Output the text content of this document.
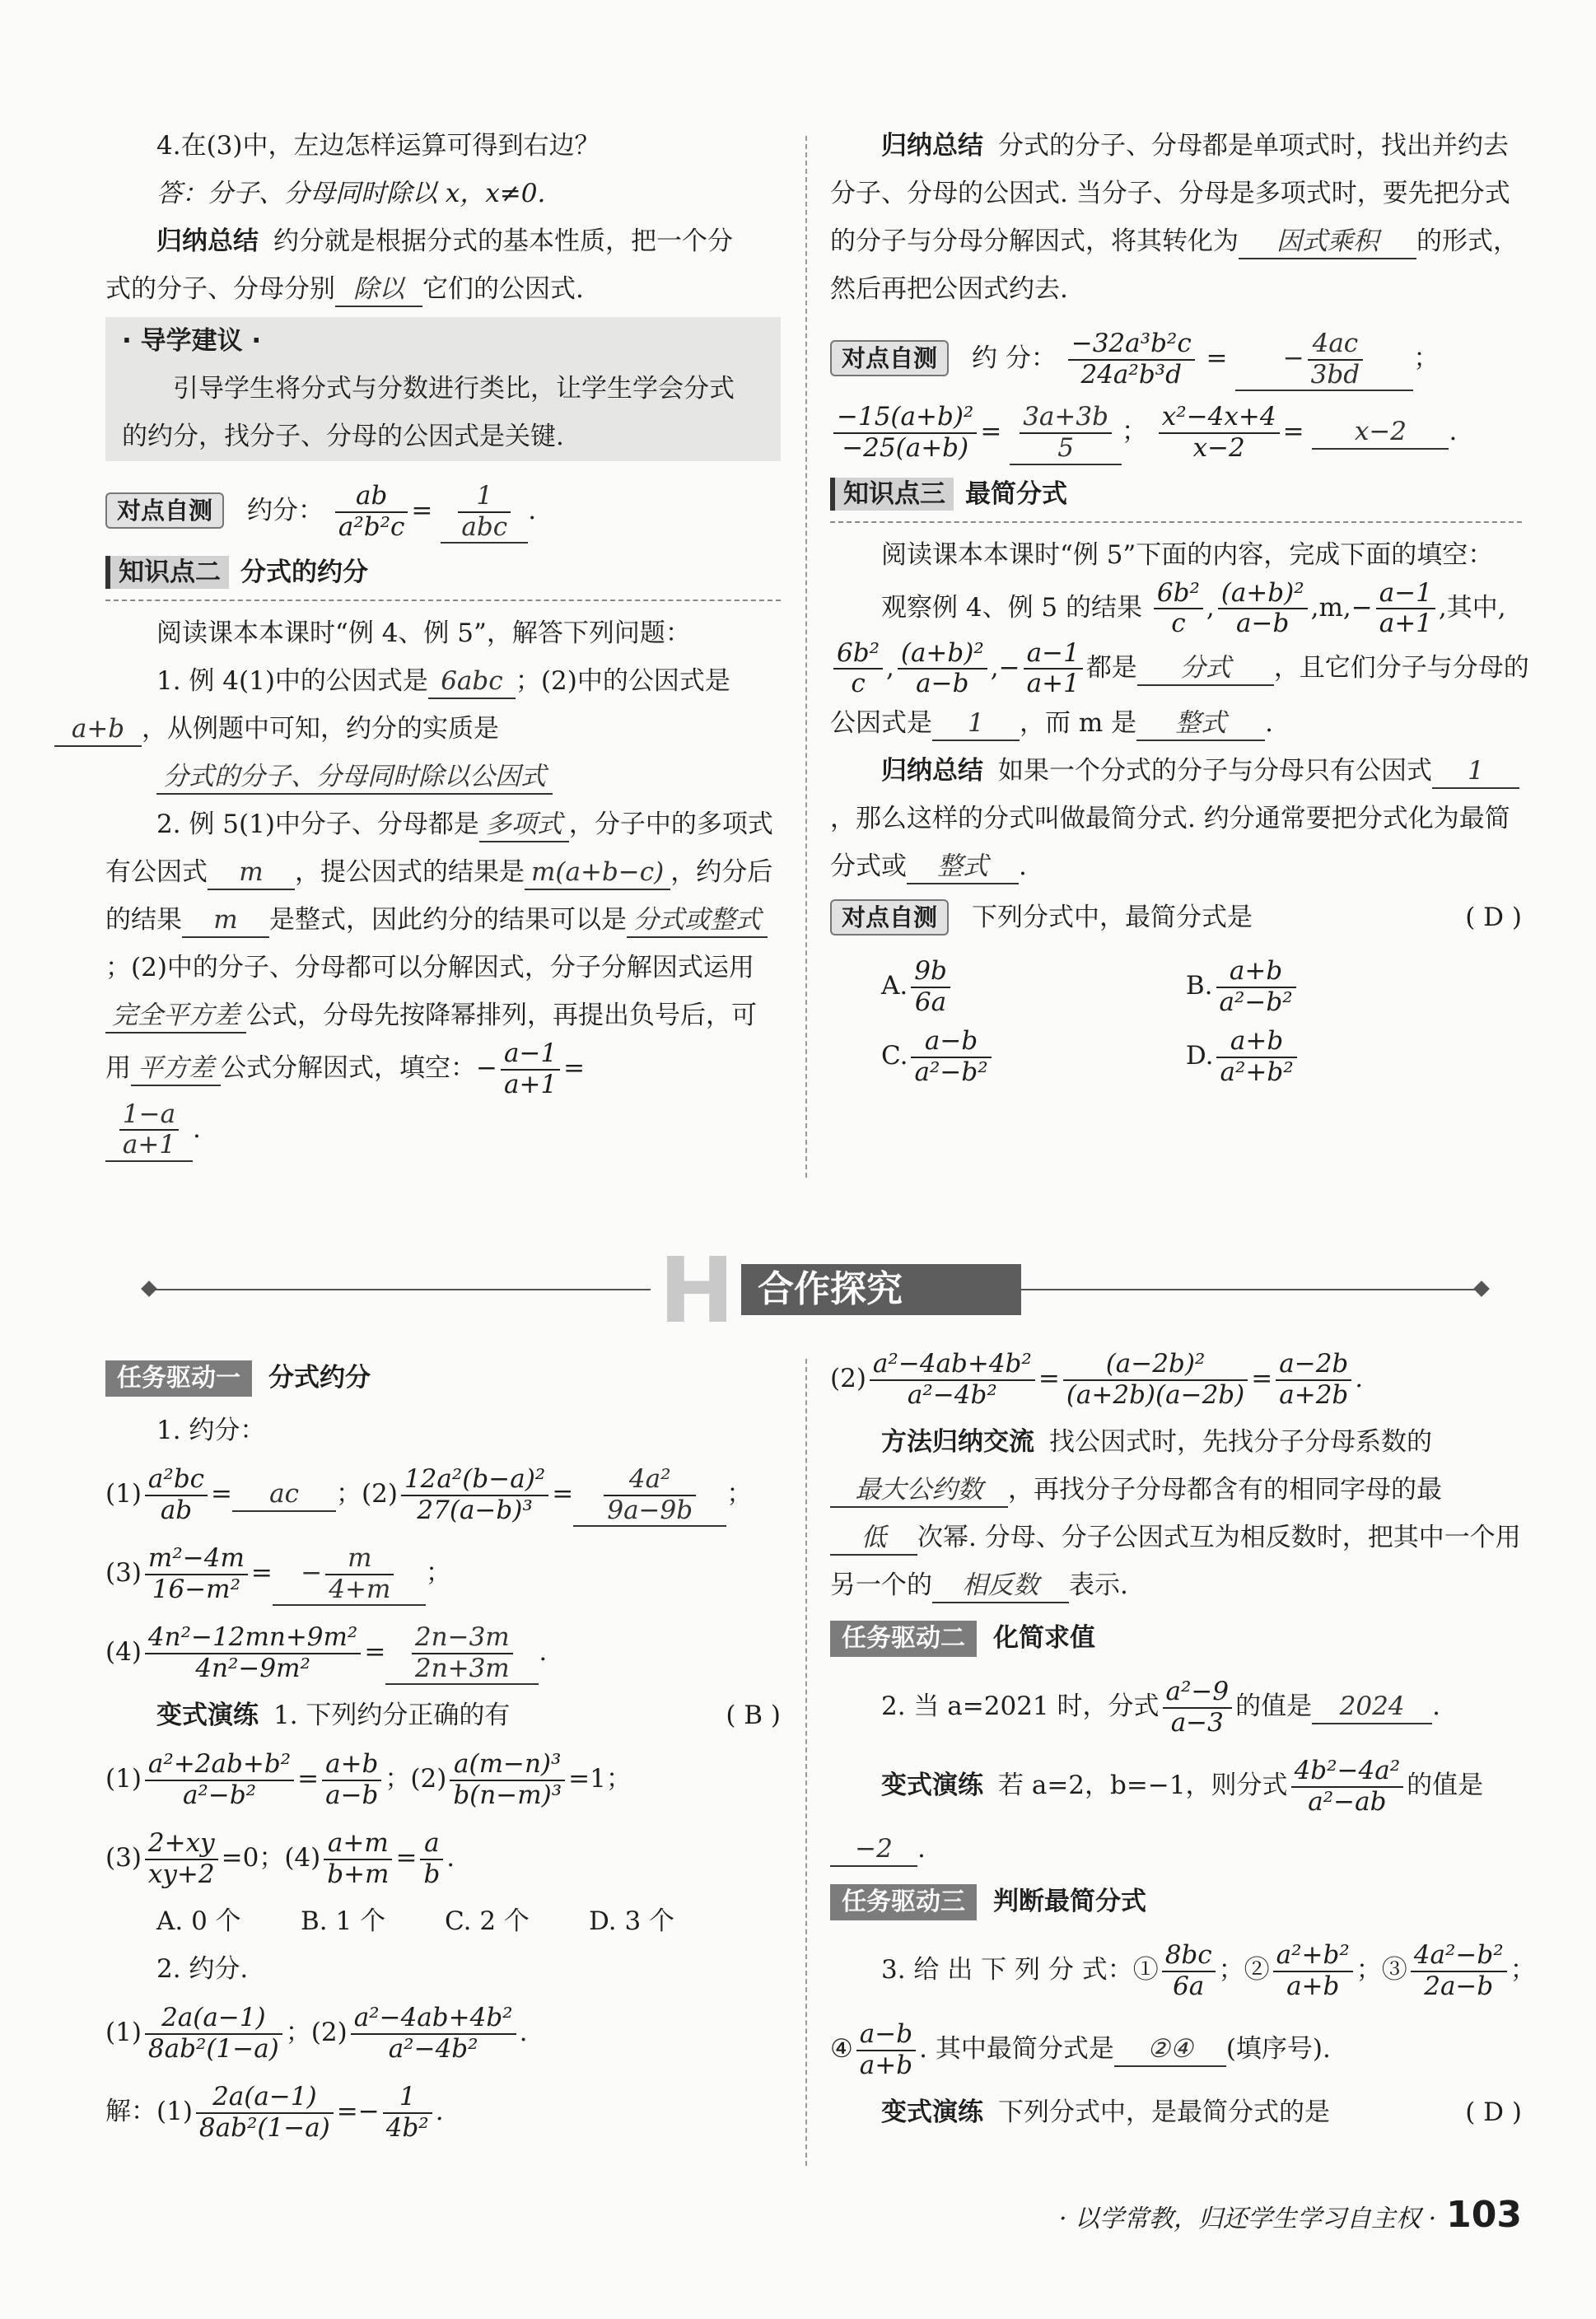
4.在(3)中，左边怎样运算可得到右边？

答：分子、分母同时除以 x，x≠0.

归纳总结 约分就是根据分式的基本性质，把一个分
式的分子、分母分别 除以 它们的公因式.

· 导学建议 ·

引导学生将分式与分数进行类比，让学生学会分式

的约分，找分子、分母的公因式是关键.

对点自测 约分： $\frac{ab}{\text{a²b²c}} = \frac{1}{\text{abc}}$ .

知识点二 分式的约分

阅读课本本课时“例 4、例 5”，解答下列问题：

1. 例 4(1)中的公因式是 6abc ；(2)中的公因式是
a+b ，从例题中可知，约分的实质是分式的分子、分母同时除以公因式

2. 例 5(1)中分子、分母都是 多项式 ，分子中的多项式有公因式 m ，提公因式的结果是 m(a+b−c) ，约分后的结果 m 是整式，因此约分的结果可以是 分式或整式；(2)中的分子、分母都可以分解因式，分子分解因式运用完全平方差 公式，分母先按降幂排列，再提出负号后，可用 平方差 公式分解因式，填空：− $\frac{a-1}{a+1}$ =

$\frac{1-a}{a+1}$ .

归纳总结 分式的分子、分母都是单项式时，找出并约去分子、分母的公因式. 当分子、分母是多项式时，要先把分式的分子与分母分解因式，将其转化为 因式乘积 的形式，然后再把公因式约去.

对点自测 约 分： $\frac{\text{−32a³b²c}}{\text{24a²b³d}}$ = − $\frac{4ac}{3bd}$ ；

$\frac{\text{−15(a+b)²}}{-25(a+b)} = \frac{3a+3b}{5}$ ； $\frac{\text{x²−4x+4}}{x-2} = x-2$ .

知识点三 最简分式

阅读课本本课时“例 5”下面的内容，完成下面的填空：

观察例 4、例 5 的结果 $\frac{\text{6b²}}{c}$ , $\frac{\text{(a+b)²}}{a-b} ,m,- \frac{a-1}{a+1}$ ,其中,

$\frac{\text{6b²}}{c}$ , $\frac{\text{(a+b)²}}{a-b}$ ,− $\frac{a-1}{a+1}$ 都是 分式 ，且它们分子与分母的

公因式是 1 ，而 m 是 整式 .

归纳总结 如果一个分式的分子与分母只有公因式 1，那么这样的分式叫做最简分式. 约分通常要把分式化为最简分式或 整式 .

对点自测 下列分式中，最简分式是	( D )

A. $\frac{9b}{6a}$	B. $\frac{a+b}{\text{a²−b²}}$

C. $\frac{a-b}{\text{a²−b²}}$	D. $\frac{a+b}{\text{a²+b²}}$

H 合作探究

任务驱动一 分式约分

1. 约分：

$(1) \frac{\text{a²bc}}{ab}$ = ac ；$(2) \frac{\text{12a²(b−a)²}}{\text{27(a−b)³}} = \frac{\text{4a²}}{9a-9b}$ ；

$(3) \frac{\text{m²−4m}}{\text{16−m²}}$ = − $\frac{m}{4+m}$ ；

$(4) \frac{\text{4n²−12mn+9m²}}{\text{4n²−9m²}} = \frac{2n-3m}{2n+3m}$ .

变式演练 1. 下列约分正确的有	( B )

$(1) \frac{\text{a²+2ab+b²}}{\text{a²−b²}} = \frac{a+b}{a-b}$ ；$(2) \frac{\text{a(m−n)³}}{\text{b(n−m)³}} =1$；

$(3) \frac{2+xy}{xy+2} =0$；$(4) \frac{a+m}{b+m} = \frac{a}{b}$ .

A. 0 个 B. 1 个 C. 2 个 D. 3 个

2. 约分.

$(1) \frac{2a(a-1)}{\text{8ab²(1−a)}}$ ；$(2) \frac{\text{a²−4ab+4b²}}{\text{a²−4b²}}$ .

解：$(1) \frac{2a(a-1)}{\text{8ab²(1−a)}} =- \frac{1}{\text{4b²}}$ .

$(2) \frac{\text{a²−4ab+4b²}}{\text{a²−4b²}} = \frac{\text{(a−2b)²}}{(a+2b)(a-2b)} = \frac{a-2b}{a+2b}$ .

方法归纳交流 找公因式时，先找分子分母系数的最大公约数 ，再找分子分母都含有的相同字母的最低 次幂. 分母、分子公因式互为相反数时，把其中一个用另一个的 相反数 表示.

任务驱动二 化简求值

2. 当 a=2021 时，分式 $\frac{\text{a²−9}}{a-3}$ 的值是 2024 .

变式演练 若 a=2，b=−1，则分式 $\frac{\text{4b²−4a²}}{\text{a²−ab}}$ 的值是

−2 .

任务驱动三 判断最简分式

3. 给 出 下 列 分 式：① $\frac{8bc}{6a}$ ；② $\frac{\text{a²+b²}}{a+b}$ ；③ $\frac{\text{4a²−b²}}{2a-b}$ ；

④ $\frac{a-b}{a+b}$ . 其中最简分式是 ②④ (填序号).

变式演练 下列分式中，是最简分式的是	( D )

· 以学常教，归还学生学习自主权 · 103
